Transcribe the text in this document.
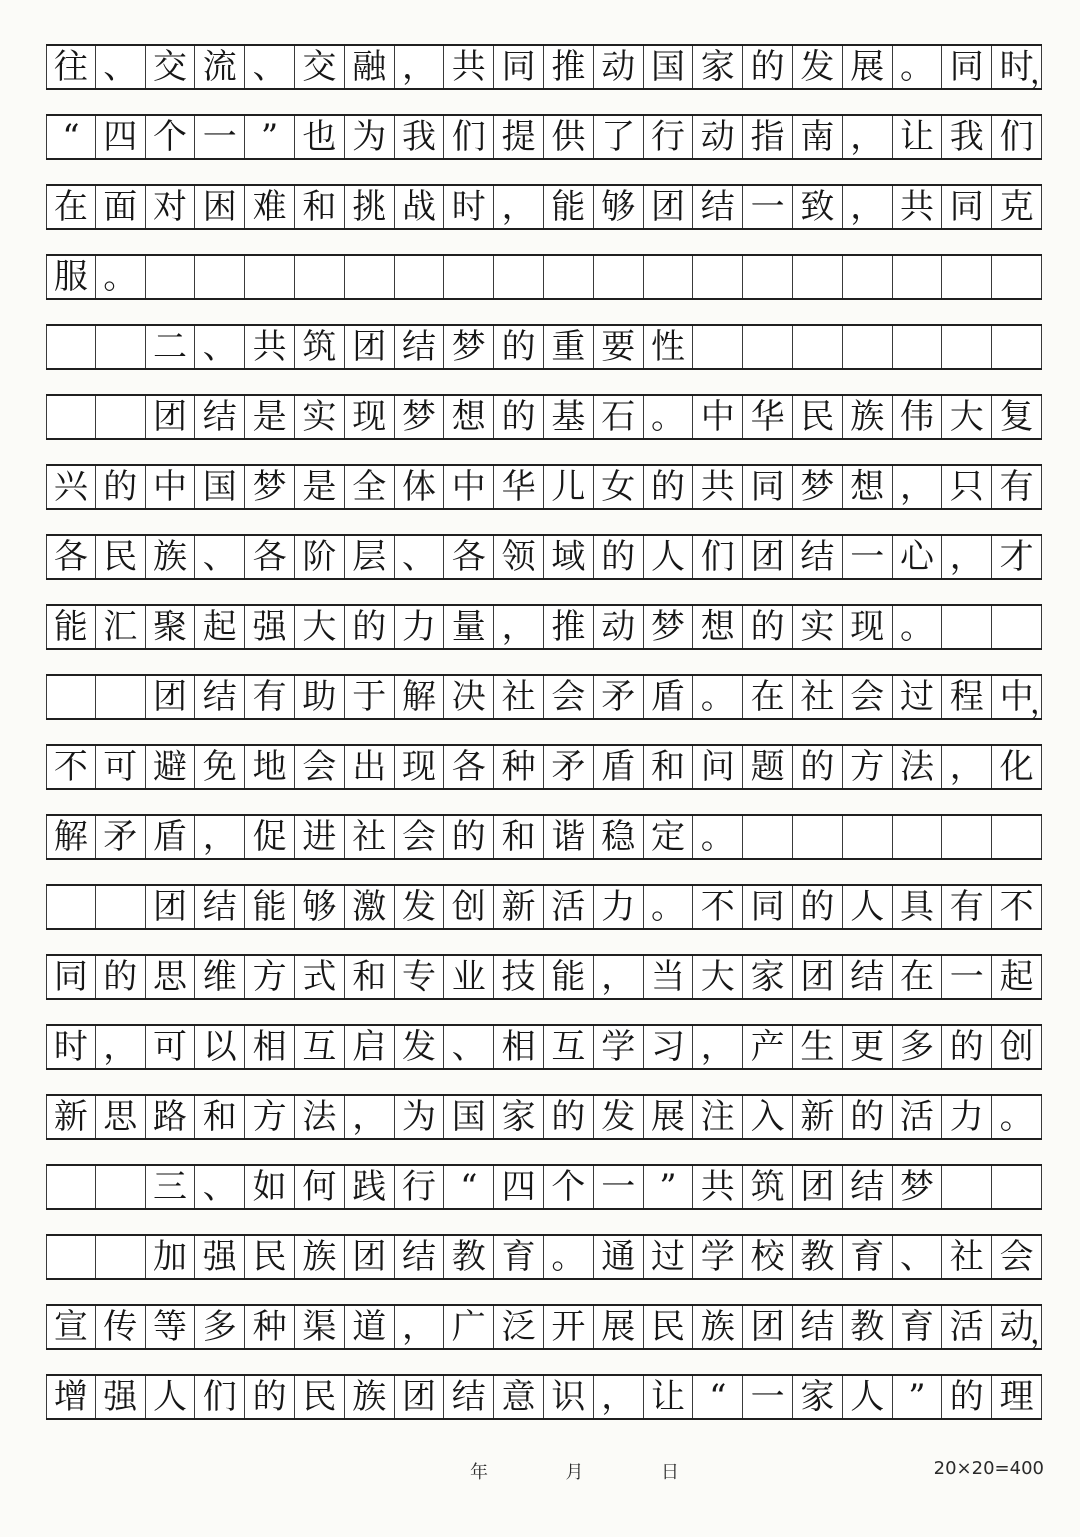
往 、 交 流 、 交 融 ， 共 同 推 动 国 家 的 发 展 。 同 时
，
“ 四 个 一 ” 也 为 我 们 提 供 了 行 动 指 南 ， 让 我 们
在 面 对 困 难 和 挑 战 时 ， 能 够 团 结 一 致 ， 共 同 克
服 。
二 、 共 筑 团 结 梦 的 重 要 性
团 结 是 实 现 梦 想 的 基 石 。 中 华 民 族 伟 大 复
兴 的 中 国 梦 是 全 体 中 华 儿 女 的 共 同 梦 想 ， 只 有
各 民 族 、 各 阶 层 、 各 领 域 的 人 们 团 结 一 心 ， 才
能 汇 聚 起 强 大 的 力 量 ， 推 动 梦 想 的 实 现 。
团 结 有 助 于 解 决 社 会 矛 盾 。 在 社 会 过 程 中
，
不 可 避 免 地 会 出 现 各 种 矛 盾 和 问 题 的 方 法 ， 化
解 矛 盾 ， 促 进 社 会 的 和 谐 稳 定 。
团 结 能 够 激 发 创 新 活 力 。 不 同 的 人 具 有 不
同 的 思 维 方 式 和 专 业 技 能 ， 当 大 家 团 结 在 一 起
时 ， 可 以 相 互 启 发 、 相 互 学 习 ， 产 生 更 多 的 创
新 思 路 和 方 法 ， 为 国 家 的 发 展 注 入 新 的 活 力 。
三 、 如 何 践 行 “ 四 个 一 ” 共 筑 团 结 梦
加 强 民 族 团 结 教 育 。 通 过 学 校 教 育 、 社 会
宣 传 等 多 种 渠 道 ， 广 泛 开 展 民 族 团 结 教 育 活 动
，
增 强 人 们 的 民 族 团 结 意 识 ， 让 “ 一 家 人 ” 的 理
年	月	日	20×20=400
